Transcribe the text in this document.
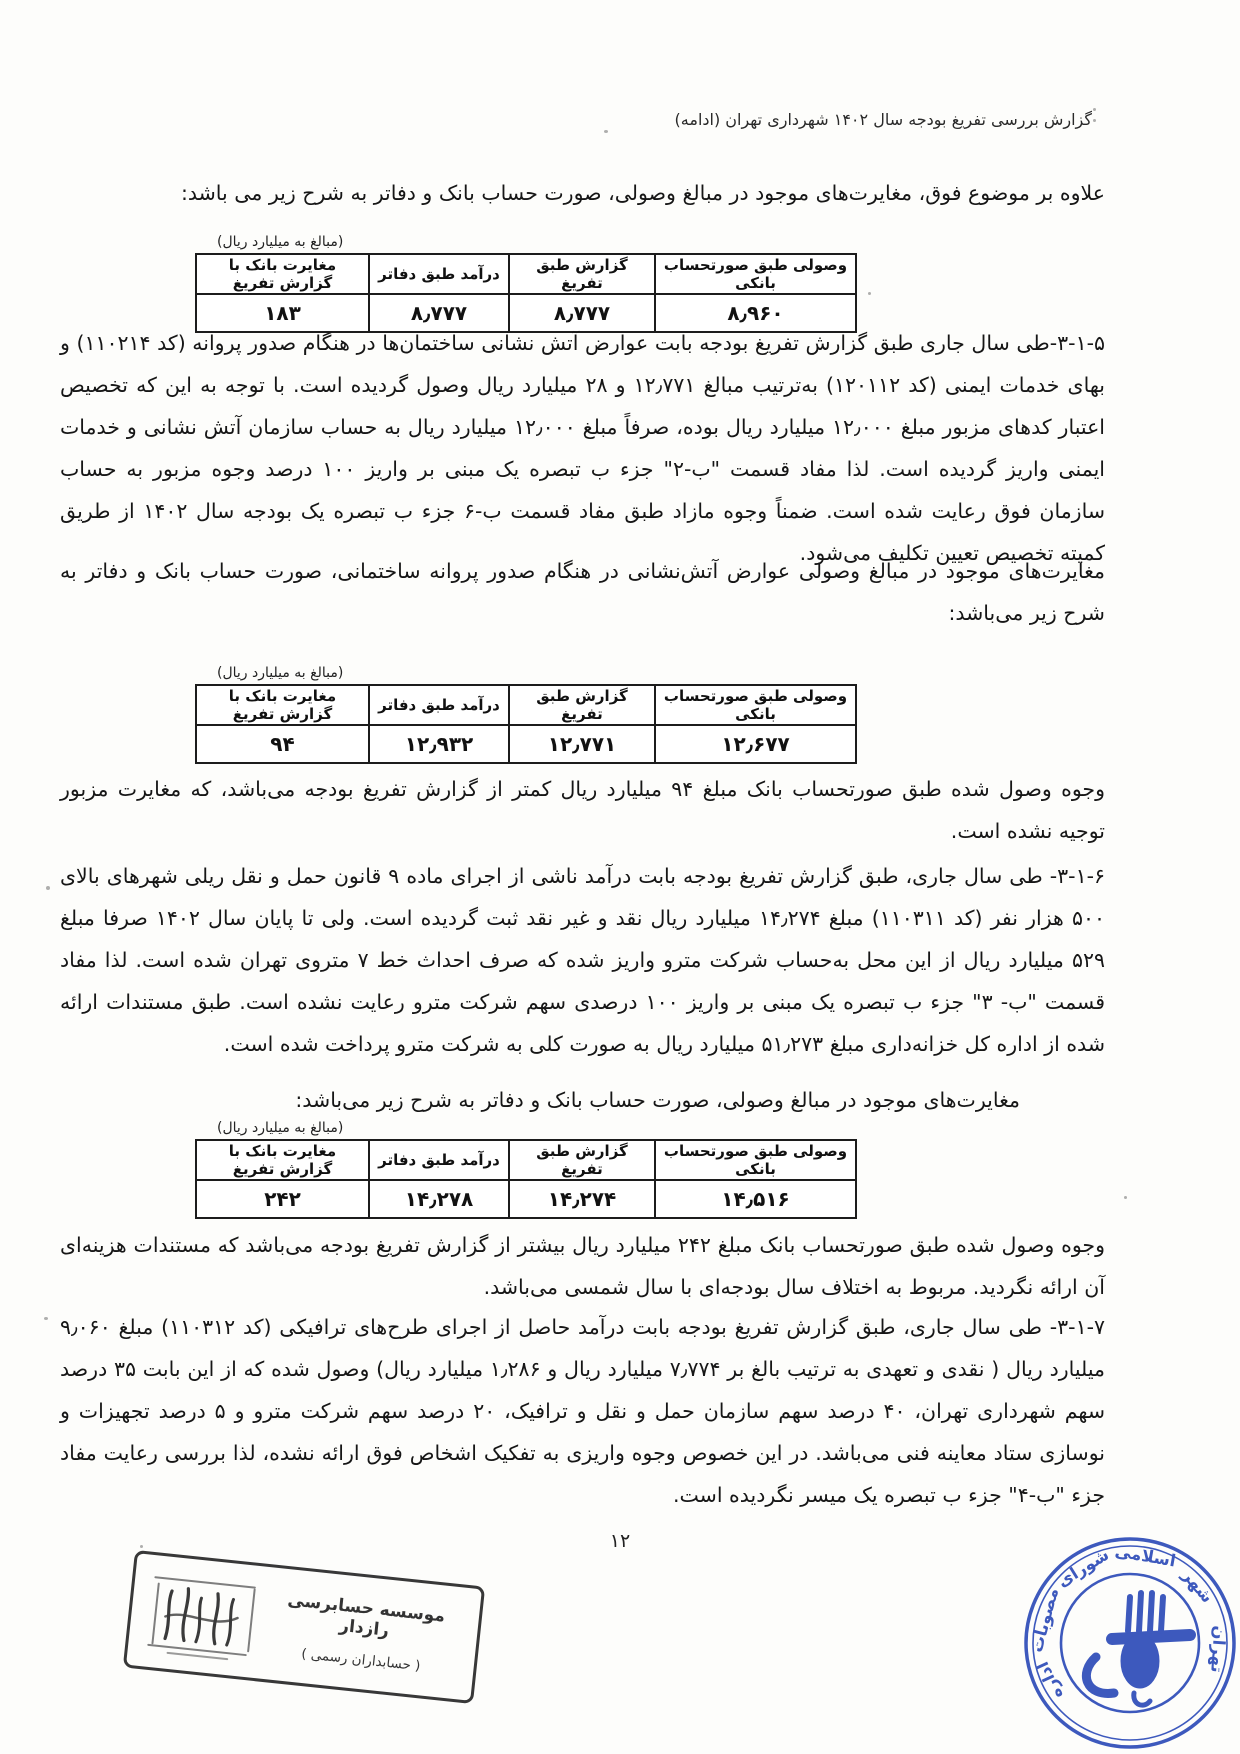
گزارش بررسی تفریغ بودجه سال ۱۴۰۲ شهرداری تهران (ادامه)
علاوه بر موضوع فوق، مغایرت‌های موجود در مبالغ وصولی، صورت حساب بانک و دفاتر به شرح زیر می باشد:
(مبالغ به میلیارد ریال)
وصولی طبق صورتحساب بانکی	گزارش طبق تفریغ	درآمد طبق دفاتر	مغایرت بانک با گزارش تفریغ
۸٫۹۶۰	۸٫۷۷۷	۸٫۷۷۷	۱۸۳
۵‏-۱‏-۳‏-طی سال جاری طبق گزارش تفریغ بودجه بابت عوارض آتش نشانی ساختمان‌ها در هنگام صدور پروانه (کد ۱۱۰۲۱۴) و بهای خدمات ایمنی (کد ۱۲۰۱۱۲) به‌ترتیب مبالغ ۱۲٫۷۷۱ و ۲۸ میلیارد ریال وصول گردیده است. با توجه به این که تخصیص اعتبار کدهای مزبور مبلغ ۱۲٫۰۰۰ میلیارد ریال بوده، صرفاً مبلغ ۱۲٫۰۰۰ میلیارد ریال به حساب سازمان آتش نشانی و خدمات ایمنی واریز گردیده است. لذا مفاد قسمت "ب-۲" جزء ب تبصره یک مبنی بر واریز ۱۰۰ درصد وجوه مزبور به حساب سازمان فوق رعایت شده است. ضمناً وجوه مازاد طبق مفاد قسمت ب-۶ جزء ب تبصره یک بودجه سال ۱۴۰۲ از طریق کمیته تخصیص تعیین تکلیف می‌شود.
مغایرت‌های موجود در مبالغ وصولی عوارض آتش‌نشانی در هنگام صدور پروانه ساختمانی، صورت حساب بانک و دفاتر به شرح زیر می‌باشد:
(مبالغ به میلیارد ریال)
وصولی طبق صورتحساب بانکی	گزارش طبق تفریغ	درآمد طبق دفاتر	مغایرت بانک با گزارش تفریغ
۱۲٫۶۷۷	۱۲٫۷۷۱	۱۲٫۹۳۲	۹۴
وجوه وصول شده طبق صورتحساب بانک مبلغ ۹۴ میلیارد ریال کمتر از گزارش تفریغ بودجه می‌باشد، که مغایرت مزبور توجیه نشده است.
۶‏-۱‏-۳‏- طی سال جاری، طبق گزارش تفریغ بودجه بابت درآمد ناشی از اجرای ماده ۹ قانون حمل و نقل ریلی شهرهای بالای ۵۰۰ هزار نفر (کد ۱۱۰۳۱۱) مبلغ ۱۴٫۲۷۴ میلیارد ریال نقد و غیر نقد ثبت گردیده است. ولی تا پایان سال ۱۴۰۲ صرفا مبلغ ۵۲۹ میلیارد ریال از این محل به‌حساب شرکت مترو واریز شده که صرف احداث خط ۷ متروی تهران شده است. لذا مفاد قسمت "ب- ۳" جزء ب تبصره یک مبنی بر واریز ۱۰۰ درصدی سهم شرکت مترو رعایت نشده است. طبق مستندات ارائه شده از اداره کل خزانه‌داری مبلغ ۵۱٫۲۷۳ میلیارد ریال به صورت کلی به شرکت مترو پرداخت شده است.
مغایرت‌های موجود در مبالغ وصولی، صورت حساب بانک و دفاتر به شرح زیر می‌باشد:
(مبالغ به میلیارد ریال)
وصولی طبق صورتحساب بانکی	گزارش طبق تفریغ	درآمد طبق دفاتر	مغایرت بانک با گزارش تفریغ
۱۴٫۵۱۶	۱۴٫۲۷۴	۱۴٫۲۷۸	۲۴۲
وجوه وصول شده طبق صورتحساب بانک مبلغ ۲۴۲ میلیارد ریال بیشتر از گزارش تفریغ بودجه می‌باشد که مستندات هزینه‌ای آن ارائه نگردید. مربوط به اختلاف سال بودجه‌ای با سال شمسی می‌باشد.
۷‏-۱‏-۳‏- طی سال جاری، طبق گزارش تفریغ بودجه بابت درآمد حاصل از اجرای طرح‌های ترافیکی (کد ۱۱۰۳۱۲) مبلغ ۹٫۰۶۰ میلیارد ریال ( نقدی و تعهدی به ترتیب بالغ بر ۷٫۷۷۴ میلیارد ریال و ۱٫۲۸۶ میلیارد ریال) وصول شده که از این بابت ۳۵ درصد سهم شهرداری تهران، ۴۰ درصد سهم سازمان حمل و نقل و ترافیک، ۲۰ درصد سهم شرکت مترو و ۵ درصد تجهیزات و نوسازی ستاد معاینه فنی می‌باشد. در این خصوص وجوه واریزی به تفکیک اشخاص فوق ارائه نشده، لذا بررسی رعایت مفاد جزء "ب-۴" جزء ب تبصره یک میسر نگردیده است.
۱۲
موسسه حسابرسی رازدار
( حسابداران رسمی )	اداره
مصوبات
شورای اسلامی
شهر
تهران
